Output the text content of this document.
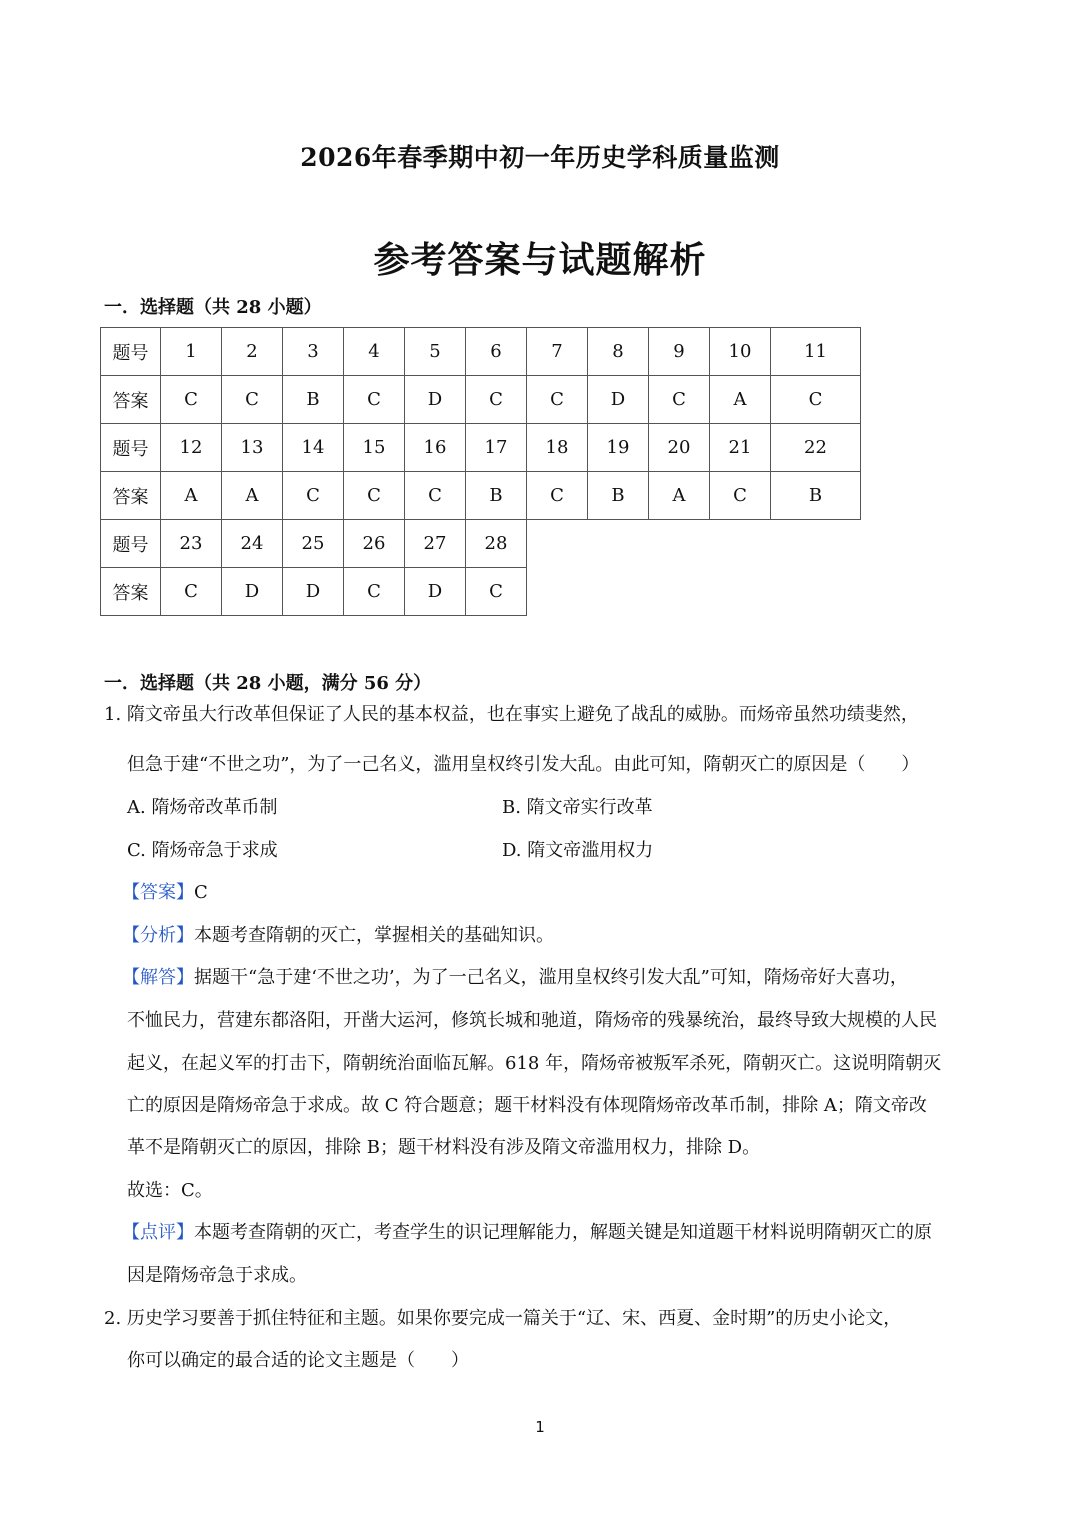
2026年春季期中初一年历史学科质量监测
参考答案与试题解析
一．选择题（共 28 小题）
题号	1	2	3	4	5	6	7	8	9	10	11
答案	C	C	B	C	D	C	C	D	C	A	C
题号	12	13	14	15	16	17	18	19	20	21	22
答案	A	A	C	C	C	B	C	B	A	C	B
题号	23	24	25	26	27	28					
答案	C	D	D	C	D	C					
一．选择题（共 28 小题，满分 56 分）
1. 隋文帝虽大行改革但保证了人民的基本权益，也在事实上避免了战乱的威胁。而炀帝虽然功绩斐然，
但急于建“不世之功”，为了一己名义，滥用皇权终引发大乱。由此可知，隋朝灭亡的原因是（　　）
A. 隋炀帝改革币制	B. 隋文帝实行改革
C. 隋炀帝急于求成	D. 隋文帝滥用权力
【答案】C
【分析】本题考查隋朝的灭亡，掌握相关的基础知识。
【解答】据题干“急于建‘不世之功’，为了一己名义，滥用皇权终引发大乱”可知，隋炀帝好大喜功，
不恤民力，营建东都洛阳，开凿大运河，修筑长城和驰道，隋炀帝的残暴统治，最终导致大规模的人民
起义，在起义军的打击下，隋朝统治面临瓦解。618 年，隋炀帝被叛军杀死，隋朝灭亡。这说明隋朝灭
亡的原因是隋炀帝急于求成。故 C 符合题意；题干材料没有体现隋炀帝改革币制，排除 A；隋文帝改
革不是隋朝灭亡的原因，排除 B；题干材料没有涉及隋文帝滥用权力，排除 D。
故选：C。
【点评】本题考查隋朝的灭亡，考查学生的识记理解能力，解题关键是知道题干材料说明隋朝灭亡的原
因是隋炀帝急于求成。
2. 历史学习要善于抓住特征和主题。如果你要完成一篇关于“辽、宋、西夏、金时期”的历史小论文，
你可以确定的最合适的论文主题是（　　）
1
